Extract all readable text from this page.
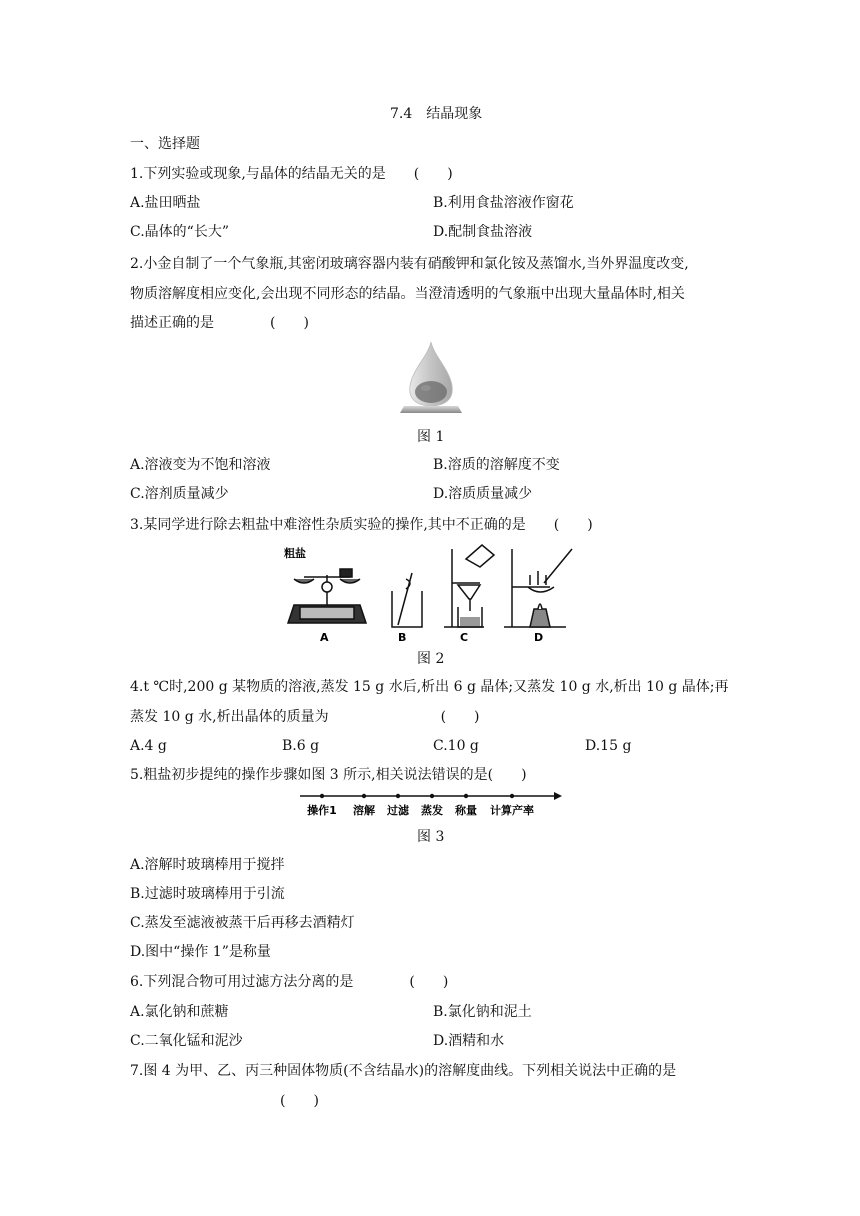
7.4　结晶现象
一、选择题
1.下列实验或现象,与晶体的结晶无关的是　　(　　)
A.盐田晒盐	B.利用食盐溶液作窗花
C.晶体的“长大”	D.配制食盐溶液
2.小金自制了一个气象瓶,其密闭玻璃容器内装有硝酸钾和氯化铵及蒸馏水,当外界温度改变,
物质溶解度相应变化,会出现不同形态的结晶。当澄清透明的气象瓶中出现大量晶体时,相关
描述正确的是　　　　(　　)
图 1
A.溶液变为不饱和溶液	B.溶质的溶解度不变
C.溶剂质量减少	D.溶质质量减少
3.某同学进行除去粗盐中难溶性杂质实验的操作,其中不正确的是　　(　　)
粗盐
A	B	C	D
图 2
4.t ℃时,200 g 某物质的溶液,蒸发 15 g 水后,析出 6 g 晶体;又蒸发 10 g 水,析出 10 g 晶体;再
蒸发 10 g 水,析出晶体的质量为　　　　　　　　(　　)
A.4 g	B.6 g	C.10 g	D.15 g
5.粗盐初步提纯的操作步骤如图 3 所示,相关说法错误的是(　　)
操作1 溶解 过滤 蒸发 称量 计算产率
图 3
A.溶解时玻璃棒用于搅拌
B.过滤时玻璃棒用于引流
C.蒸发至滤液被蒸干后再移去酒精灯
D.图中“操作 1”是称量
6.下列混合物可用过滤方法分离的是　　　　(　　)
A.氯化钠和蔗糖	B.氯化钠和泥土
C.二氧化锰和泥沙	D.酒精和水
7.图 4 为甲、乙、丙三种固体物质(不含结晶水)的溶解度曲线。下列相关说法中正确的是
(　　)
